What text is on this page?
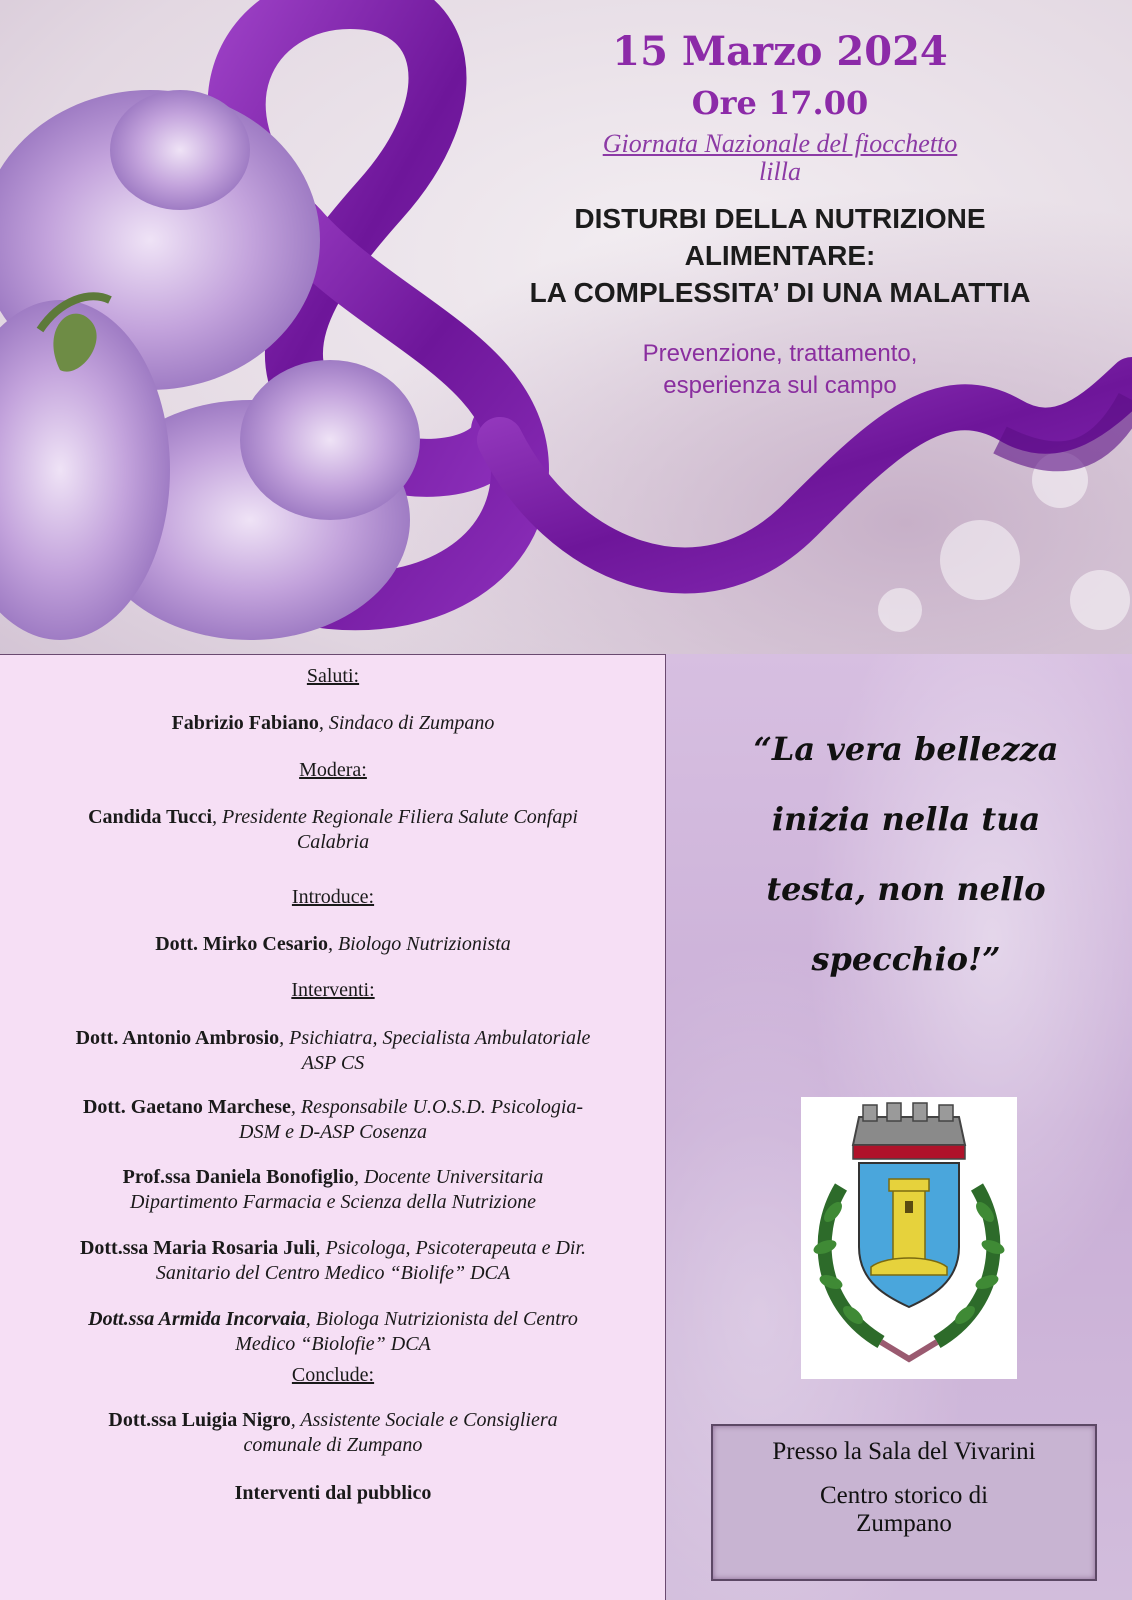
15 Marzo 2024
Ore 17.00
Giornata Nazionale del fiocchetto
lilla
DISTURBI DELLA NUTRIZIONE
ALIMENTARE:
LA COMPLESSITA’ DI UNA MALATTIA
Prevenzione, trattamento,
esperienza sul campo
Saluti:
Fabrizio Fabiano, Sindaco di Zumpano
Modera:
Candida Tucci, Presidente Regionale Filiera Salute Confapi
Calabria
Introduce:
Dott. Mirko Cesario, Biologo Nutrizionista
Interventi:
Dott. Antonio Ambrosio, Psichiatra, Specialista Ambulatoriale
ASP CS
Dott. Gaetano Marchese, Responsabile U.O.S.D. Psicologia-
DSM e D-ASP Cosenza
Prof.ssa Daniela Bonofiglio, Docente Universitaria
Dipartimento Farmacia e Scienza della Nutrizione
Dott.ssa Maria Rosaria Juli, Psicologa, Psicoterapeuta e Dir.
Sanitario del Centro Medico “Biolife” DCA
Dott.ssa Armida Incorvaia, Biologa Nutrizionista del Centro
Medico “Biolofie” DCA
Conclude:
Dott.ssa Luigia Nigro, Assistente Sociale e Consigliera
comunale di Zumpano
Interventi dal pubblico
“La vera bellezza
inizia nella tua
testa, non nello
specchio!”
Presso la Sala del Vivarini
Centro storico di
Zumpano
